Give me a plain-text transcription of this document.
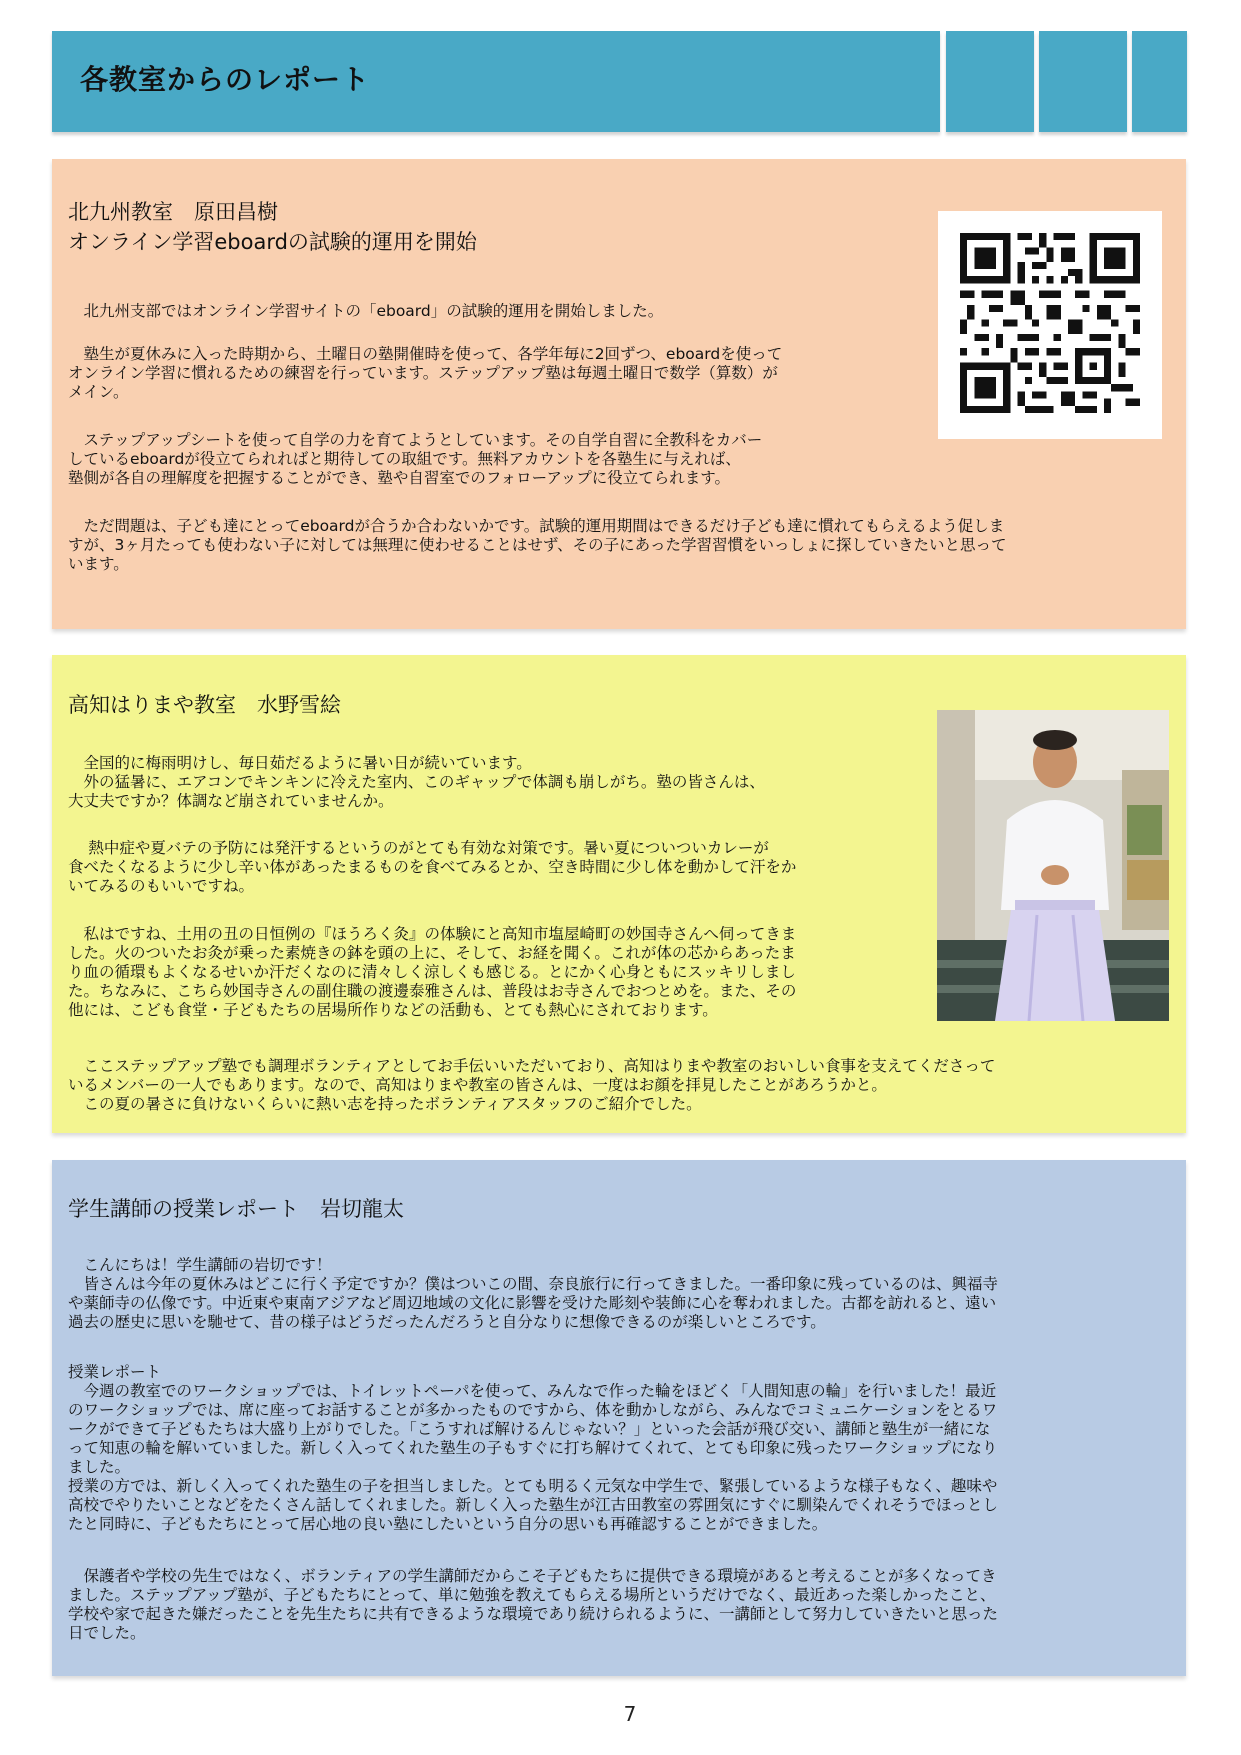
各教室からのレポート
北九州教室　原田昌樹
オンライン学習eboardの試験的運用を開始

　北九州支部ではオンライン学習サイトの「eboard」の試験的運用を開始しました。

　塾生が夏休みに入った時期から、土曜日の塾開催時を使って、各学年毎に2回ずつ、eboardを使って
オンライン学習に慣れるための練習を行っています。ステップアップ塾は毎週土曜日で数学（算数）が
メイン。

　ステップアップシートを使って自学の力を育てようとしています。その自学自習に全教科をカバー
しているeboardが役立てられればと期待しての取組です。無料アカウントを各塾生に与えれば、
塾側が各自の理解度を把握することができ、塾や自習室でのフォローアップに役立てられます。

　ただ問題は、子ども達にとってeboardが合うか合わないかです。試験的運用期間はできるだけ子ども達に慣れてもらえるよう促しま
すが、3ヶ月たっても使わない子に対しては無理に使わせることはせず、その子にあった学習習慣をいっしょに探していきたいと思って
います。

高知はりまや教室　水野雪絵

　全国的に梅雨明けし、毎日茹だるように暑い日が続いています。
　外の猛暑に、エアコンでキンキンに冷えた室内、このギャップで体調も崩しがち。塾の皆さんは、
大丈夫ですか？体調など崩されていませんか。

　 熱中症や夏バテの予防には発汗するというのがとても有効な対策です。暑い夏についついカレーが
食べたくなるように少し辛い体があったまるものを食べてみるとか、空き時間に少し体を動かして汗をか
いてみるのもいいですね。

　私はですね、土用の丑の日恒例の『ほうろく灸』の体験にと高知市塩屋崎町の妙国寺さんへ伺ってきま
した。火のついたお灸が乗った素焼きの鉢を頭の上に、そして、お経を聞く。これが体の芯からあったま
り血の循環もよくなるせいか汗だくなのに清々しく涼しくも感じる。とにかく心身ともにスッキリしまし
た。ちなみに、こちら妙国寺さんの副住職の渡邊泰雅さんは、普段はお寺さんでおつとめを。また、その
他には、こども食堂・子どもたちの居場所作りなどの活動も、とても熱心にされております。

　ここステップアップ塾でも調理ボランティアとしてお手伝いいただいており、高知はりまや教室のおいしい食事を支えてくださって
いるメンバーの一人でもあります。なので、高知はりまや教室の皆さんは、一度はお顔を拝見したことがあろうかと。
　この夏の暑さに負けないくらいに熱い志を持ったボランティアスタッフのご紹介でした。

学生講師の授業レポート　岩切龍太

　こんにちは！学生講師の岩切です！
　皆さんは今年の夏休みはどこに行く予定ですか？僕はついこの間、奈良旅行に行ってきました。一番印象に残っているのは、興福寺
や薬師寺の仏像です。中近東や東南アジアなど周辺地域の文化に影響を受けた彫刻や装飾に心を奪われました。古都を訪れると、遠い
過去の歴史に思いを馳せて、昔の様子はどうだったんだろうと自分なりに想像できるのが楽しいところです。

授業レポート
　今週の教室でのワークショップでは、トイレットペーパを使って、みんなで作った輪をほどく「人間知恵の輪」を行いました！最近
のワークショップでは、席に座ってお話することが多かったものですから、体を動かしながら、みんなでコミュニケーションをとるワ
ークができて子どもたちは大盛り上がりでした。「こうすれば解けるんじゃない？」といった会話が飛び交い、講師と塾生が一緒にな
って知恵の輪を解いていました。新しく入ってくれた塾生の子もすぐに打ち解けてくれて、とても印象に残ったワークショップになり
ました。
授業の方では、新しく入ってくれた塾生の子を担当しました。とても明るく元気な中学生で、緊張しているような様子もなく、趣味や
高校でやりたいことなどをたくさん話してくれました。新しく入った塾生が江古田教室の雰囲気にすぐに馴染んでくれそうでほっとし
たと同時に、子どもたちにとって居心地の良い塾にしたいという自分の思いも再確認することができました。

　保護者や学校の先生ではなく、ボランティアの学生講師だからこそ子どもたちに提供できる環境があると考えることが多くなってき
ました。ステップアップ塾が、子どもたちにとって、単に勉強を教えてもらえる場所というだけでなく、最近あった楽しかったこと、
学校や家で起きた嫌だったことを先生たちに共有できるような環境であり続けられるように、一講師として努力していきたいと思った
日でした。

7
